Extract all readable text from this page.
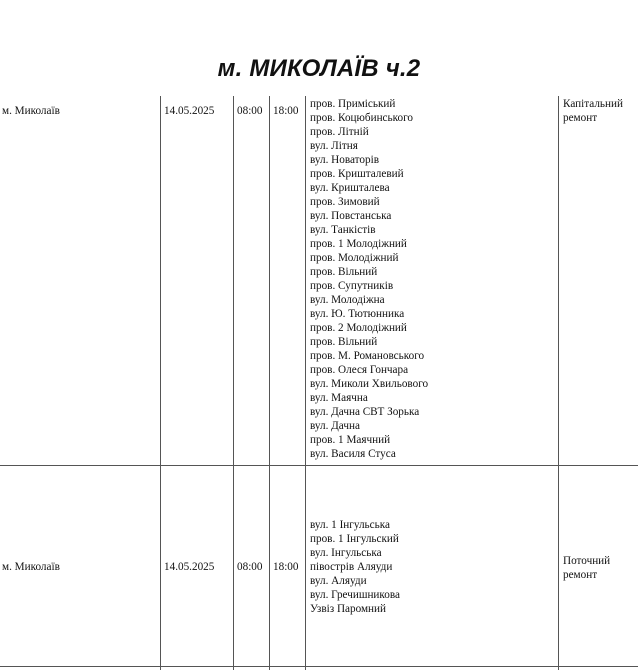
м. МИКОЛАЇВ ч.2
м. Миколаїв	14.05.2025 08:00 18:00
пров. Приміський
пров. Коцюбинського
пров. Літній
вул. Літня
вул. Новаторів
пров. Кришталевий
вул. Кришталева
пров. Зимовий
вул. Повстанська
вул. Танкістів
пров. 1 Молодіжний
пров. Молодіжний
пров. Вільний
пров. Супутників
вул. Молодіжна
вул. Ю. Тютюнника
пров. 2 Молодіжний
пров. Вільний
пров. М. Романовського
пров. Олеся Гончара
вул. Миколи Хвильового
вул. Маячна
вул. Дачна СВТ Зорька
вул. Дачна
пров. 1 Маячний
вул. Василя Стуса
Капітальний
ремонт
м. Миколаїв	14.05.2025 08:00 18:00
вул. 1 Інгульська
пров. 1 Інгульский
вул. Інгульська
півострів Аляуди
вул. Аляуди
вул. Гречишникова
Узвіз Паромний
Поточний
ремонт
